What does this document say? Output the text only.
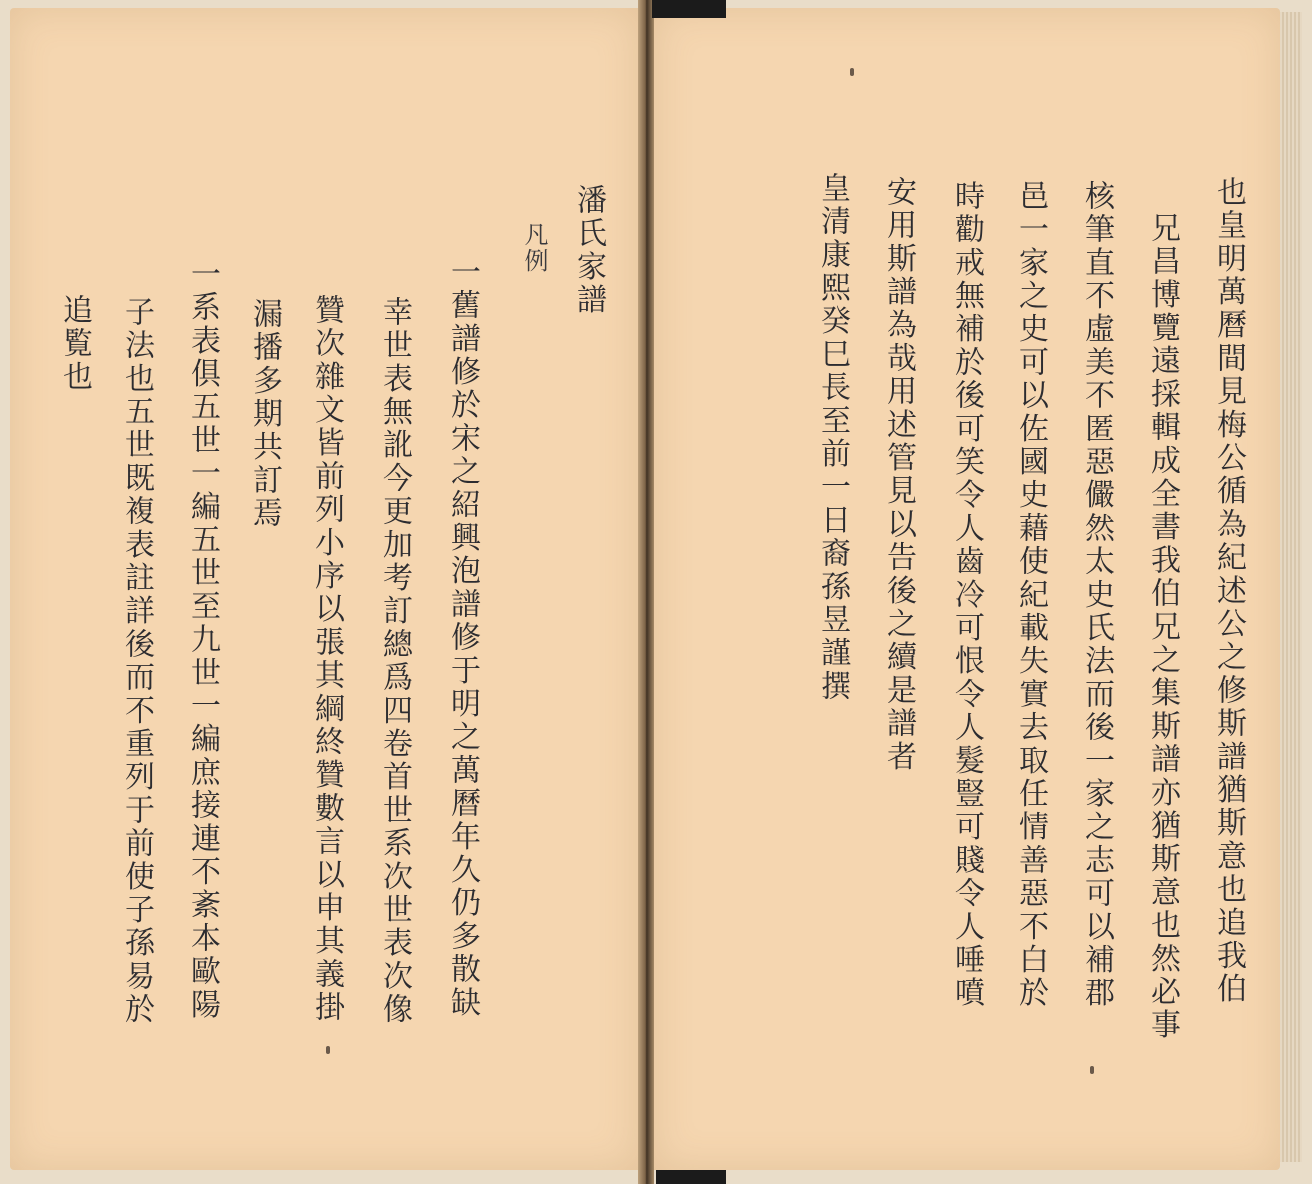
也皇明萬曆間見梅公循為紀述公之修斯譜猶斯意也追我伯
兄昌博覽遠採輯成全書我伯兄之集斯譜亦猶斯意也然必事
核筆直不虛美不匿惡儼然太史氏法而後一家之志可以補郡
邑一家之史可以佐國史藉使紀載失實去取任情善惡不白於
時勸戒無補於後可笑令人齒冷可恨令人髮豎可賤令人唾噴
安用斯譜為哉用述管見以告後之續是譜者
皇清康熙癸巳長至前一日裔孫昱謹撰
潘氏家譜
凡例
一舊譜修於宋之紹興泡譜修于明之萬曆年久仍多散缺
幸世表無訛今更加考訂總爲四卷首世系次世表次像
贊次雜文皆前列小序以張其綱終贊數言以申其義掛
漏播多期共訂焉
一系表俱五世一編五世至九世一編庶接連不紊本歐陽
子法也五世既複表註詳後而不重列于前使子孫易於
追覧也
